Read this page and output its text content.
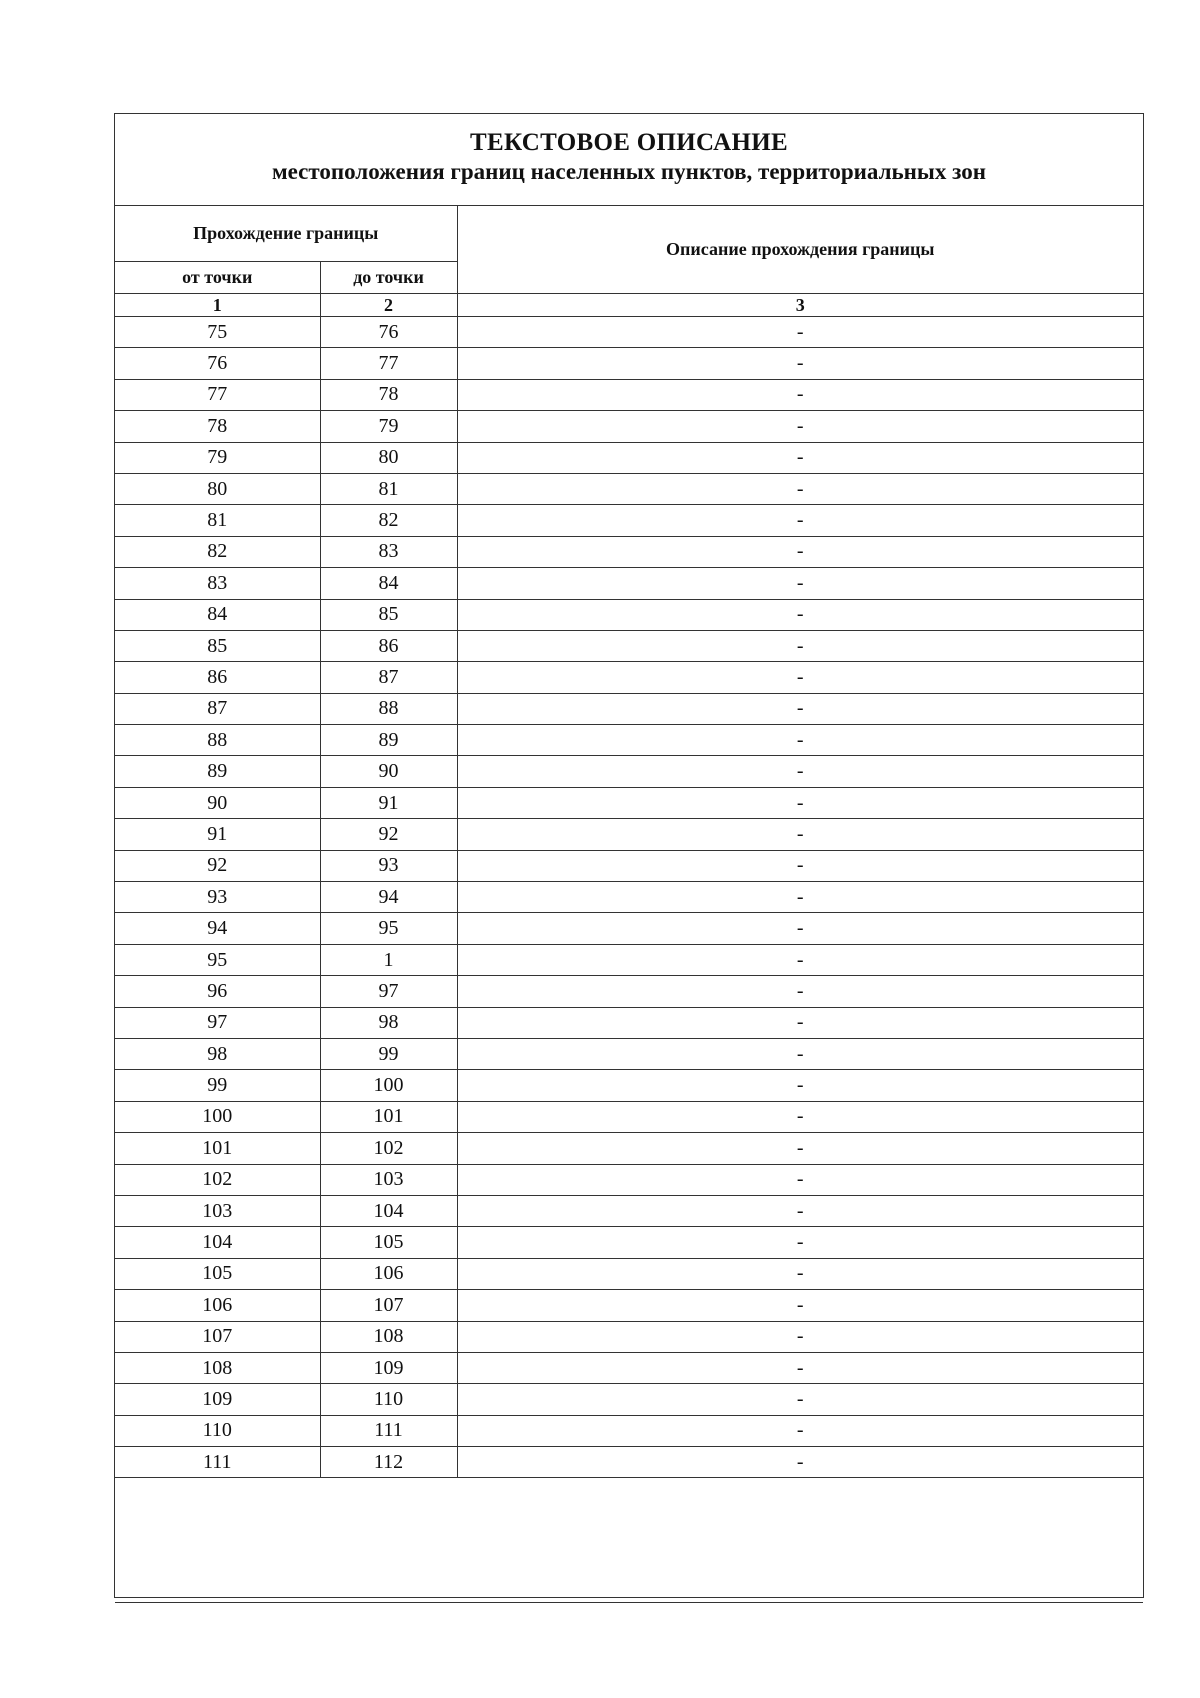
ТЕКСТОВОЕ ОПИСАНИЕ
местоположения границ населенных пунктов, территориальных зон
Прохождение границы		Описание прохождения границы
от точки	до точки	
1	2	3
75	76	-
76	77	-
77	78	-
78	79	-
79	80	-
80	81	-
81	82	-
82	83	-
83	84	-
84	85	-
85	86	-
86	87	-
87	88	-
88	89	-
89	90	-
90	91	-
91	92	-
92	93	-
93	94	-
94	95	-
95	1	-
96	97	-
97	98	-
98	99	-
99	100	-
100	101	-
101	102	-
102	103	-
103	104	-
104	105	-
105	106	-
106	107	-
107	108	-
108	109	-
109	110	-
110	111	-
111	112	-
